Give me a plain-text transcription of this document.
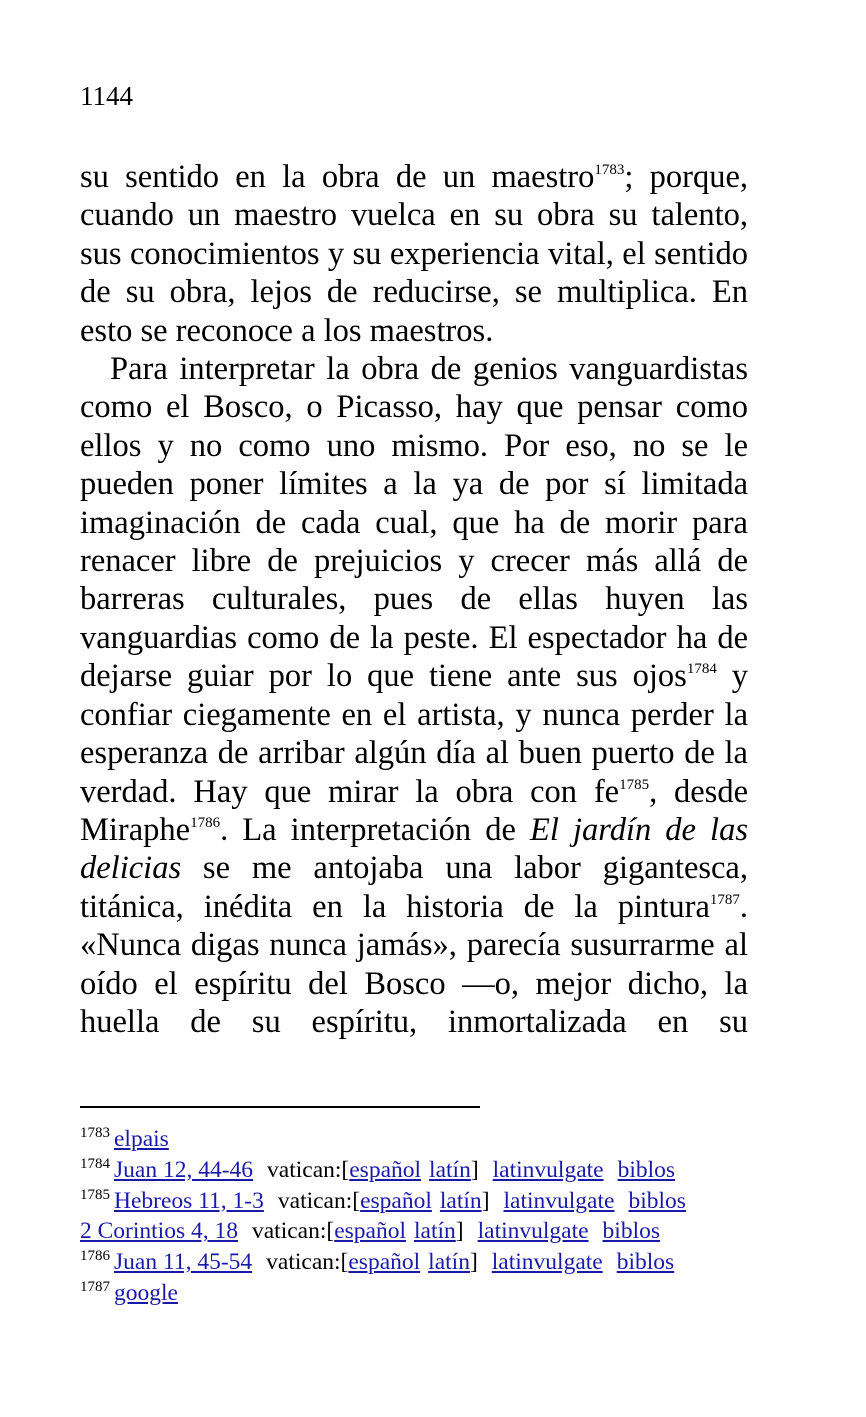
1144

su sentido en la obra de un maestro$^{1783}$; porque, cuando un maestro vuelca en su obra su talento, sus conocimientos y su experiencia vital, el sentido de su obra, lejos de reducirse, se multiplica. En esto se reconoce a los maestros.

Para interpretar la obra de genios vanguardistas como el Bosco, o Picasso, hay que pensar como ellos y no como uno mismo. Por eso, no se le pueden poner límites a la ya de por sí limitada imaginación de cada cual, que ha de morir para renacer libre de prejuicios y crecer más allá de barreras culturales, pues de ellas huyen las vanguardias como de la peste. El espectador ha de dejarse guiar por lo que tiene ante sus ojos$^{1784}$ y confiar ciegamente en el artista, y nunca perder la esperanza de arribar algún día al buen puerto de la verdad. Hay que mirar la obra con fe$^{1785}$, desde Miraphe$^{1786}$. La interpretación de El jardín de las delicias se me antojaba una labor gigantesca, titánica, inédita en la historia de la pintura$^{1787}$. «Nunca digas nunca jamás», parecía susurrarme al oído el espíritu del Bosco —o, mejor dicho, la huella de su espíritu, inmortalizada en su

$^{1783}$ elpais
$^{1784}$ Juan 12, 44-46 vatican:[español latín] latinvulgate biblos
$^{1785}$ Hebreos 11, 1-3 vatican:[español latín] latinvulgate biblos
2 Corintios 4, 18 vatican:[español latín] latinvulgate biblos
$^{1786}$ Juan 11, 45-54 vatican:[español latín] latinvulgate biblos
$^{1787}$ google
